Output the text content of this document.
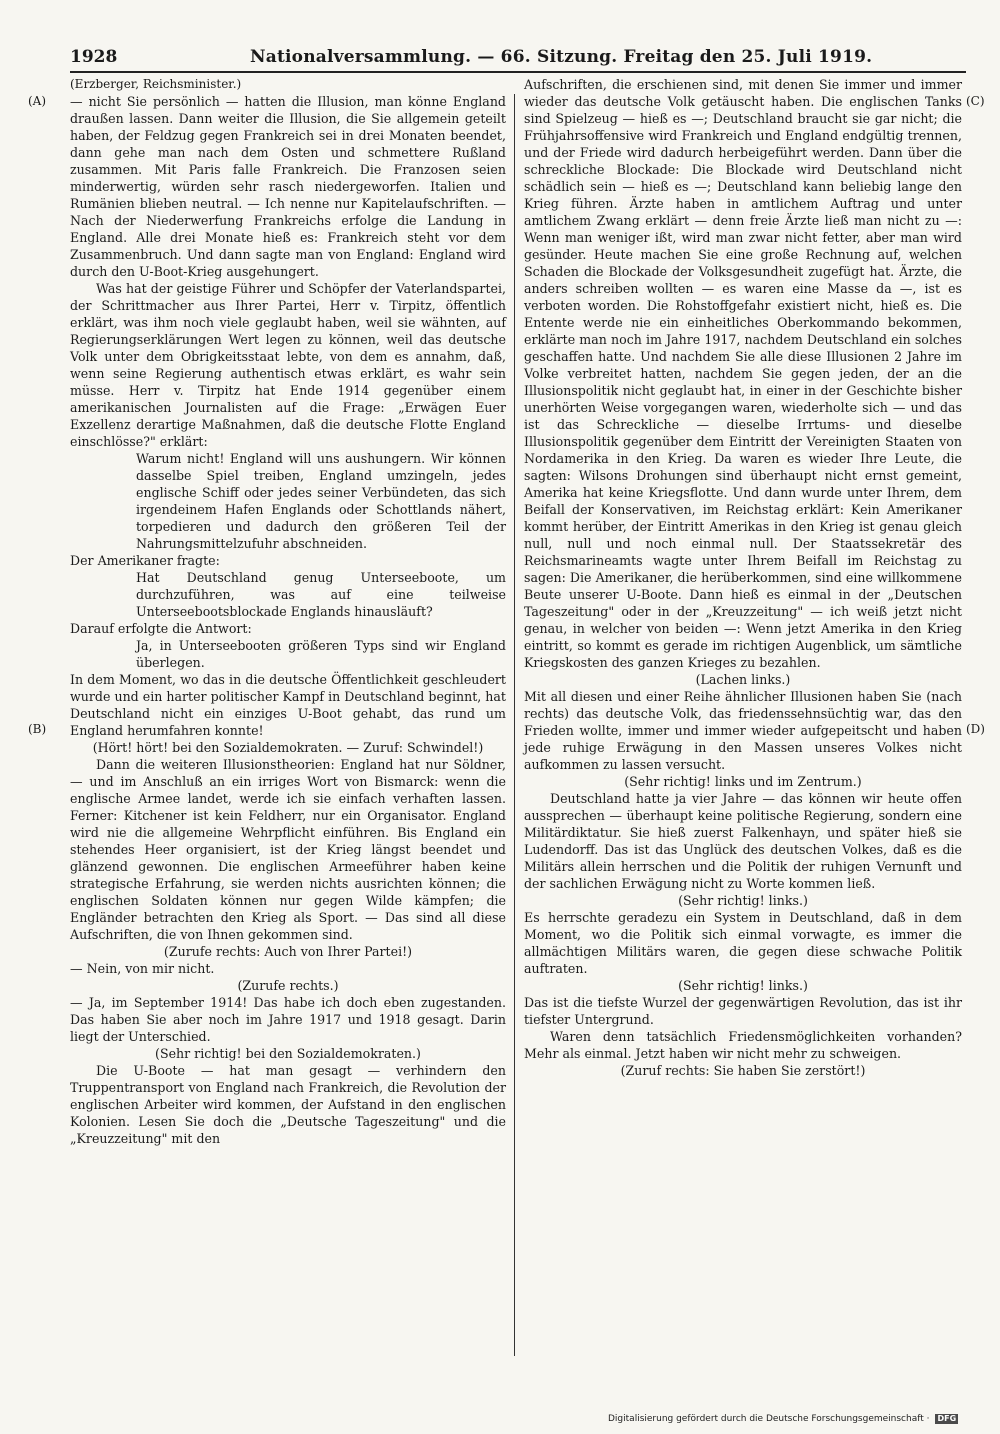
1928	Nationalversammlung. — 66. Sitzung. Freitag den 25. Juli 1919.
(A)
(B)
(C)
(D)

(Erzberger, Reichsminister.)

— nicht Sie persönlich — hatten die Illusion, man könne England draußen lassen. Dann weiter die Illusion, die Sie allgemein geteilt haben, der Feldzug gegen Frankreich sei in drei Monaten beendet, dann gehe man nach dem Osten und schmettere Rußland zusammen. Mit Paris falle Frankreich. Die Franzosen seien minderwertig, würden sehr rasch niedergeworfen. Italien und Rumänien blieben neutral. — Ich nenne nur Kapitelaufschriften. — Nach der Niederwerfung Frankreichs erfolge die Landung in England. Alle drei Monate hieß es: Frankreich steht vor dem Zusammenbruch. Und dann sagte man von England: England wird durch den U-Boot-Krieg ausgehungert.

Was hat der geistige Führer und Schöpfer der Vaterlandspartei, der Schrittmacher aus Ihrer Partei, Herr v. Tirpitz, öffentlich erklärt, was ihm noch viele geglaubt haben, weil sie wähnten, auf Regierungserklärungen Wert legen zu können, weil das deutsche Volk unter dem Obrigkeitsstaat lebte, von dem es annahm, daß, wenn seine Regierung authentisch etwas erklärt, es wahr sein müsse. Herr v. Tirpitz hat Ende 1914 gegenüber einem amerikanischen Journalisten auf die Frage: „Erwägen Euer Exzellenz derartige Maßnahmen, daß die deutsche Flotte England einschlösse?" erklärt:

Warum nicht! England will uns aushungern. Wir können dasselbe Spiel treiben, England umzingeln, jedes englische Schiff oder jedes seiner Verbündeten, das sich irgendeinem Hafen Englands oder Schottlands nähert, torpedieren und dadurch den größeren Teil der Nahrungsmittelzufuhr abschneiden.

Der Amerikaner fragte:

Hat Deutschland genug Unterseeboote, um durchzuführen, was auf eine teilweise Unterseebootsblockade Englands hinausläuft?

Darauf erfolgte die Antwort:

Ja, in Unterseebooten größeren Typs sind wir England überlegen.

In dem Moment, wo das in die deutsche Öffentlichkeit geschleudert wurde und ein harter politischer Kampf in Deutschland beginnt, hat Deutschland nicht ein einziges U-Boot gehabt, das rund um England herumfahren konnte!

(Hört! hört! bei den Sozialdemokraten. — Zuruf: Schwindel!)

Dann die weiteren Illusionstheorien: England hat nur Söldner, — und im Anschluß an ein irriges Wort von Bismarck: wenn die englische Armee landet, werde ich sie einfach verhaften lassen. Ferner: Kitchener ist kein Feldherr, nur ein Organisator. England wird nie die allgemeine Wehrpflicht einführen. Bis England ein stehendes Heer organisiert, ist der Krieg längst beendet und glänzend gewonnen. Die englischen Armeeführer haben keine strategische Erfahrung, sie werden nichts ausrichten können; die englischen Soldaten können nur gegen Wilde kämpfen; die Engländer betrachten den Krieg als Sport. — Das sind all diese Aufschriften, die von Ihnen gekommen sind.

(Zurufe rechts: Auch von Ihrer Partei!)

— Nein, von mir nicht.

(Zurufe rechts.)

— Ja, im September 1914! Das habe ich doch eben zugestanden. Das haben Sie aber noch im Jahre 1917 und 1918 gesagt. Darin liegt der Unterschied.

(Sehr richtig! bei den Sozialdemokraten.)

Die U-Boote — hat man gesagt — verhindern den Truppentransport von England nach Frankreich, die Revolution der englischen Arbeiter wird kommen, der Aufstand in den englischen Kolonien. Lesen Sie doch die „Deutsche Tageszeitung" und die „Kreuzzeitung" mit den

Aufschriften, die erschienen sind, mit denen Sie immer und immer wieder das deutsche Volk getäuscht haben. Die englischen Tanks sind Spielzeug — hieß es —; Deutschland braucht sie gar nicht; die Frühjahrsoffensive wird Frankreich und England endgültig trennen, und der Friede wird dadurch herbeigeführt werden. Dann über die schreckliche Blockade: Die Blockade wird Deutschland nicht schädlich sein — hieß es —; Deutschland kann beliebig lange den Krieg führen. Ärzte haben in amtlichem Auftrag und unter amtlichem Zwang erklärt — denn freie Ärzte ließ man nicht zu —: Wenn man weniger ißt, wird man zwar nicht fetter, aber man wird gesünder. Heute machen Sie eine große Rechnung auf, welchen Schaden die Blockade der Volksgesundheit zugefügt hat. Ärzte, die anders schreiben wollten — es waren eine Masse da —, ist es verboten worden. Die Rohstoffgefahr existiert nicht, hieß es. Die Entente werde nie ein einheitliches Oberkommando bekommen, erklärte man noch im Jahre 1917, nachdem Deutschland ein solches geschaffen hatte. Und nachdem Sie alle diese Illusionen 2 Jahre im Volke verbreitet hatten, nachdem Sie gegen jeden, der an die Illusionspolitik nicht geglaubt hat, in einer in der Geschichte bisher unerhörten Weise vorgegangen waren, wiederholte sich — und das ist das Schreckliche — dieselbe Irrtums- und dieselbe Illusionspolitik gegenüber dem Eintritt der Vereinigten Staaten von Nordamerika in den Krieg. Da waren es wieder Ihre Leute, die sagten: Wilsons Drohungen sind überhaupt nicht ernst gemeint, Amerika hat keine Kriegsflotte. Und dann wurde unter Ihrem, dem Beifall der Konservativen, im Reichstag erklärt: Kein Amerikaner kommt herüber, der Eintritt Amerikas in den Krieg ist genau gleich null, null und noch einmal null. Der Staatssekretär des Reichsmarineamts wagte unter Ihrem Beifall im Reichstag zu sagen: Die Amerikaner, die herüberkommen, sind eine willkommene Beute unserer U-Boote. Dann hieß es einmal in der „Deutschen Tageszeitung" oder in der „Kreuzzeitung" — ich weiß jetzt nicht genau, in welcher von beiden —: Wenn jetzt Amerika in den Krieg eintritt, so kommt es gerade im richtigen Augenblick, um sämtliche Kriegskosten des ganzen Krieges zu bezahlen.

(Lachen links.)

Mit all diesen und einer Reihe ähnlicher Illusionen haben Sie (nach rechts) das deutsche Volk, das friedenssehnsüchtig war, das den Frieden wollte, immer und immer wieder aufgepeitscht und haben jede ruhige Erwägung in den Massen unseres Volkes nicht aufkommen zu lassen versucht.

(Sehr richtig! links und im Zentrum.)

Deutschland hatte ja vier Jahre — das können wir heute offen aussprechen — überhaupt keine politische Regierung, sondern eine Militärdiktatur. Sie hieß zuerst Falkenhayn, und später hieß sie Ludendorff. Das ist das Unglück des deutschen Volkes, daß es die Militärs allein herrschen und die Politik der ruhigen Vernunft und der sachlichen Erwägung nicht zu Worte kommen ließ.

(Sehr richtig! links.)

Es herrschte geradezu ein System in Deutschland, daß in dem Moment, wo die Politik sich einmal vorwagte, es immer die allmächtigen Militärs waren, die gegen diese schwache Politik auftraten.

(Sehr richtig! links.)

Das ist die tiefste Wurzel der gegenwärtigen Revolution, das ist ihr tiefster Untergrund.

Waren denn tatsächlich Friedensmöglichkeiten vorhanden? Mehr als einmal. Jetzt haben wir nicht mehr zu schweigen.

(Zuruf rechts: Sie haben Sie zerstört!)

Digitalisierung gefördert durch die Deutsche Forschungsgemeinschaft · DFG
